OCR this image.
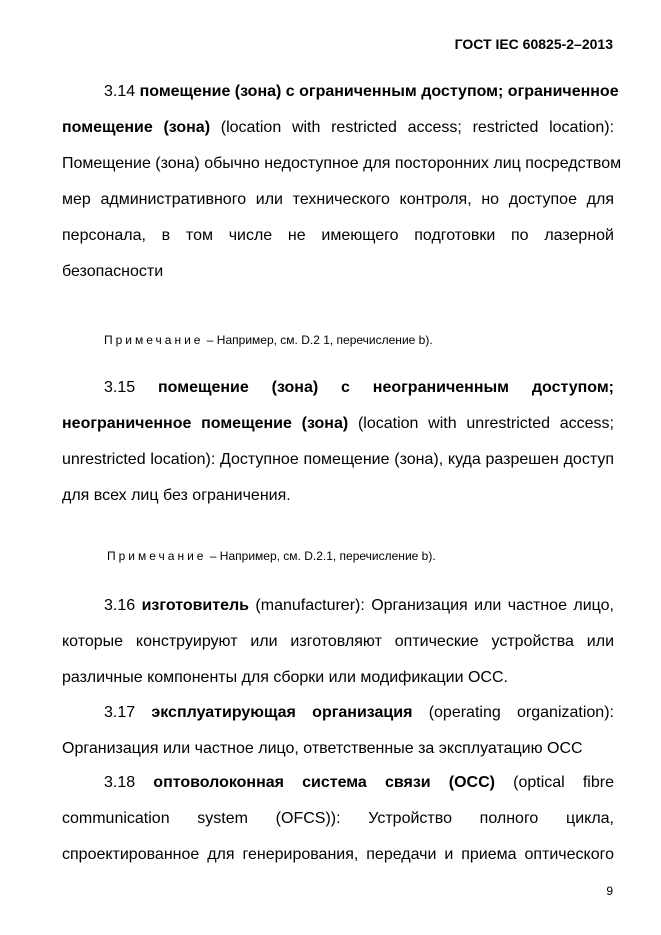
ГОСТ IEC 60825-2–2013
3.14 помещение (зона) с ограниченным доступом; ограниченное
помещение (зона) (location with restricted access; restricted location):
Помещение (зона) обычно недоступное для посторонних лиц посредством
мер административного или технического контроля, но доступое для
персонала, в том числе не имеющего подготовки по лазерной
безопасности
Примечание – Например, см. D.2 1, перечисление b).
3.15 помещение (зона) с неограниченным доступом;
неограниченное помещение (зона) (location with unrestricted access;
unrestricted location): Доступное помещение (зона), куда разрешен доступ
для всех лиц без ограничения.
Примечание – Например, см. D.2.1, перечисление b).
3.16 изготовитель (manufacturer): Организация или частное лицо,
которые конструируют или изготовляют оптические устройства или
различные компоненты для сборки или модификации ОСС.
3.17 эксплуатирующая организация (operating organization):
Организация или частное лицо, ответственные за эксплуатацию ОСС
3.18 оптоволоконная система связи (ОСС) (optical fibre
communication system (OFCS)): Устройство полного цикла,
спроектированное для генерирования, передачи и приема оптического
9
